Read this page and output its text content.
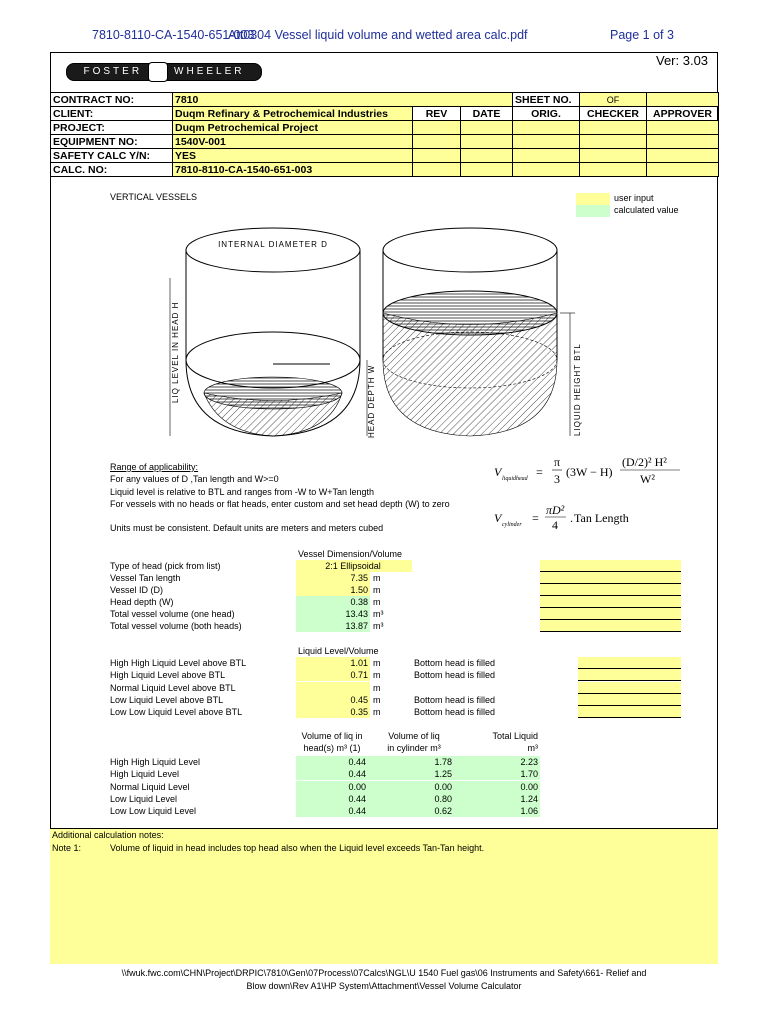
7810-8110-CA-1540-651-003
Att0304 Vessel liquid volume and wetted area calc.pdf	Page 1 of 3
Ver: 3.03
FOSTER	WHEELER
CONTRACT NO:	7810			SHEET NO.	OF	
CLIENT:	Duqm Refinary & Petrochemical Industries	REV	DATE	ORIG.	CHECKER	APPROVER
PROJECT:	Duqm Petrochemical Project					
EQUIPMENT NO:	1540V-001					
SAFETY CALC Y/N:	YES					
CALC. NO:	7810-8110-CA-1540-651-003					
VERTICAL VESSELS	user input
calculated value
INTERNAL DIAMETER D
LIQ LEVEL IN HEAD H	HEAD DEPTH W	LIQUID HEIGHT BTL
Range of applicability:
For any values of D ,Tan length and W>=0
Liquid level is relative to BTL and ranges from -W to W+Tan length
For vessels with no heads or flat heads, enter custom and set head depth (W) to zero
Units must be consistent. Default units are meters and meters cubed
V liquidhead =
π
3 (3W − H)
(D/2)² H²
W²
V cylinder =
πD²
4 . Tan Length
Vessel Dimension/Volume
Type of head (pick from list)	2:1 Ellipsoidal
Vessel Tan length	7.35 m
Vessel ID (D)	1.50 m
Head depth (W)	0.38 m
Total vessel volume (one head)	13.43 m³
Total vessel volume (both heads)	13.87 m³
Liquid Level/Volume
High High Liquid Level above BTL	1.01 m	Bottom head is filled
High Liquid Level above BTL	0.71 m	Bottom head is filled
Normal Liquid Level above BTL	m
Low Liquid Level above BTL	0.45 m	Bottom head is filled
Low Low Liquid Level above BTL	0.35 m	Bottom head is filled
Volume of liq in
head(s) m³ (1)
Volume of liq
in cylinder m³
Total Liquid
m³
High High Liquid Level	0.44	1.78	2.23
High Liquid Level	0.44	1.25	1.70
Normal Liquid Level	0.00	0.00	0.00
Low Liquid Level	0.44	0.80	1.24
Low Low Liquid Level	0.44	0.62	1.06
Additional calculation notes:
Note 1:	Volume of liquid in head includes top head also when the Liquid level exceeds Tan-Tan height.
\\fwuk.fwc.com\CHN\Project\DRPIC\7810\Gen\07Process\07Calcs\NGL\U 1540 Fuel gas\06 Instruments and Safety\661- Relief and
Blow down\Rev A1\HP System\Attachment\Vessel Volume Calculator
